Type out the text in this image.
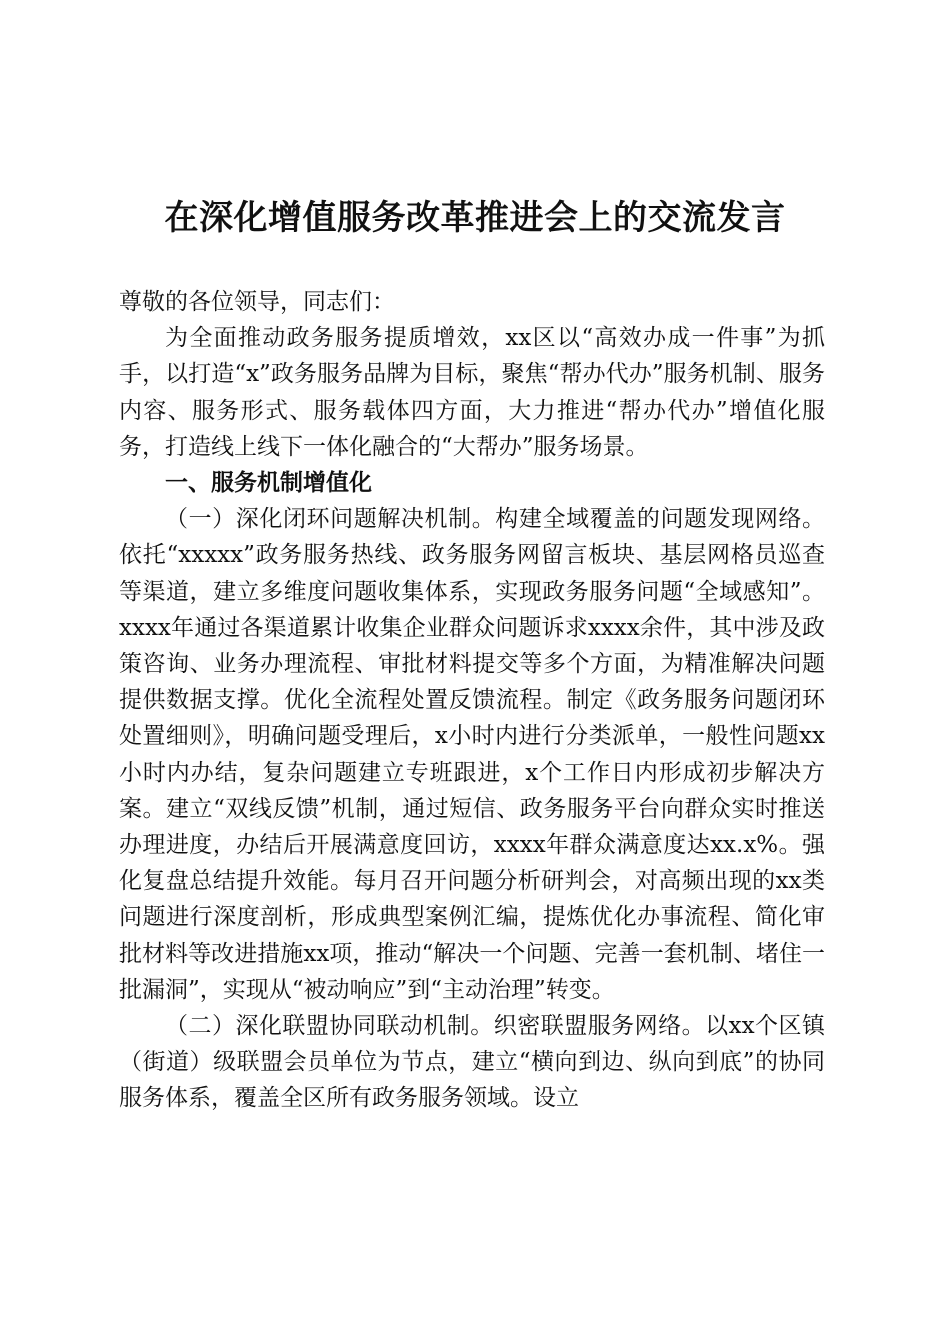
在深化增值服务改革推进会上的交流发言

尊敬的各位领导，同志们：

为全面推动政务服务提质增效，xx区以“高效办成一件事”为抓手，以打造“x”政务服务品牌为目标，聚焦“帮办代办”服务机制、服务内容、服务形式、服务载体四方面，大力推进“帮办代办”增值化服务，打造线上线下一体化融合的“大帮办”服务场景。

一、服务机制增值化

（一）深化闭环问题解决机制。构建全域覆盖的问题发现网络。依托“xxxxx”政务服务热线、政务服务网留言板块、基层网格员巡查等渠道，建立多维度问题收集体系，实现政务服务问题“全域感知”。xxxx年通过各渠道累计收集企业群众问题诉求xxxx余件，其中涉及政策咨询、业务办理流程、审批材料提交等多个方面，为精准解决问题提供数据支撑。优化全流程处置反馈流程。制定《政务服务问题闭环处置细则》，明确问题受理后，x小时内进行分类派单，一般性问题xx小时内办结，复杂问题建立专班跟进，x个工作日内形成初步解决方案。建立“双线反馈”机制，通过短信、政务服务平台向群众实时推送办理进度，办结后开展满意度回访，xxxx年群众满意度达xx.x%。强化复盘总结提升效能。每月召开问题分析研判会，对高频出现的xx类问题进行深度剖析，形成典型案例汇编，提炼优化办事流程、简化审批材料等改进措施xx项，推动“解决一个问题、完善一套机制、堵住一批漏洞”，实现从“被动响应”到“主动治理”转变。

（二）深化联盟协同联动机制。织密联盟服务网络。以xx个区镇（街道）级联盟会员单位为节点，建立“横向到边、纵向到底”的协同服务体系，覆盖全区所有政务服务领域。设立
